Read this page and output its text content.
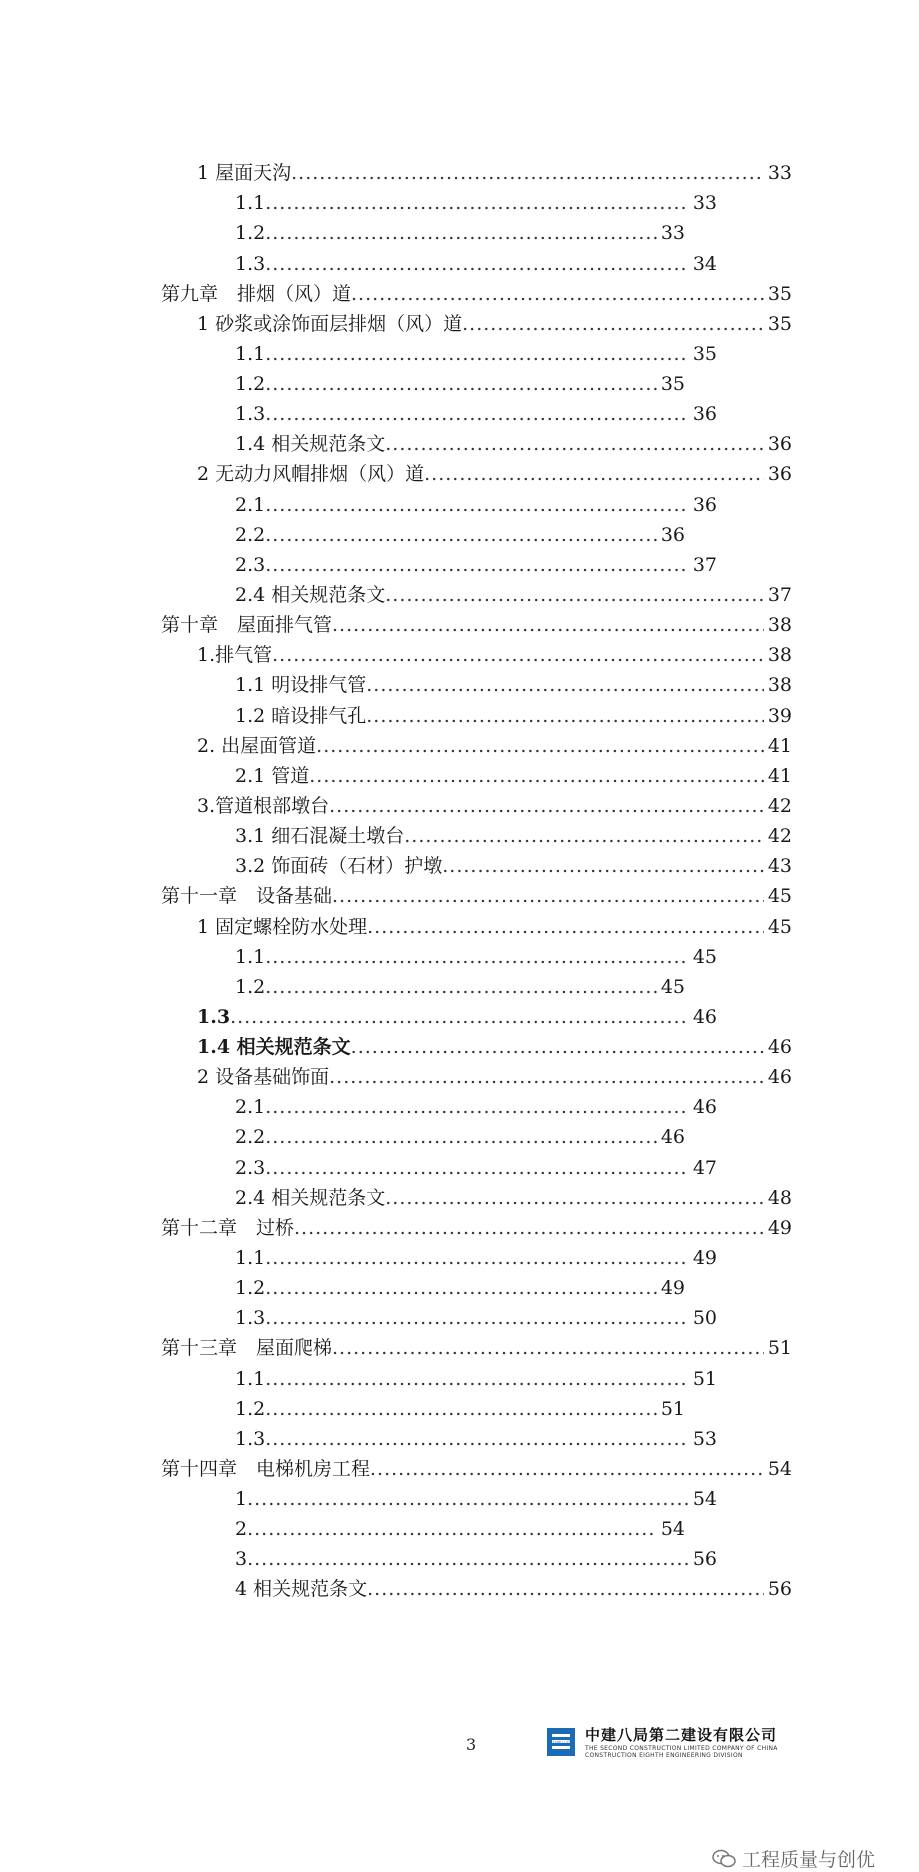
1 屋面天沟 .....	33
1.1 .....	33
1.2 .....	33
1.3 .....	34
第九章　排烟（风）道 .....	35
1 砂浆或涂饰面层排烟（风）道 .....	35
1.1 .....	35
1.2 .....	35
1.3 .....	36
1.4 相关规范条文 .....	36
2 无动力风帽排烟（风）道 .....	36
2.1 .....	36
2.2 .....	36
2.3 .....	37
2.4 相关规范条文 .....	37
第十章　屋面排气管 .....	38
1.排气管 .....	38
1.1 明设排气管 .....	38
1.2 暗设排气孔 .....	39
2. 出屋面管道 .....	41
2.1 管道 .....	41
3.管道根部墩台 .....	42
3.1 细石混凝土墩台 .....	42
3.2 饰面砖（石材）护墩 .....	43
第十一章　设备基础 .....	45
1 固定螺栓防水处理 .....	45
1.1 .....	45
1.2 .....	45
1.3 .....	46
1.4 相关规范条文 .....	46
2 设备基础饰面 .....	46
2.1 .....	46
2.2 .....	46
2.3 .....	47
2.4 相关规范条文 .....	48
第十二章　过桥 .....	49
1.1 .....	49
1.2 .....	49
1.3 .....	50
第十三章　屋面爬梯 .....	51
1.1 .....	51
1.2 .....	51
1.3 .....	53
第十四章　电梯机房工程 .....	54
1 .....	54
2 .....	54
3 .....	56
4 相关规范条文 .....	56
3	中建八局 中建八局第二建设有限公司
THE SECOND CONSTRUCTION LIMITED COMPANY OF CHINA
CONSTRUCTION EIGHTH ENGINEERING DIVISION
工程质量与创优
